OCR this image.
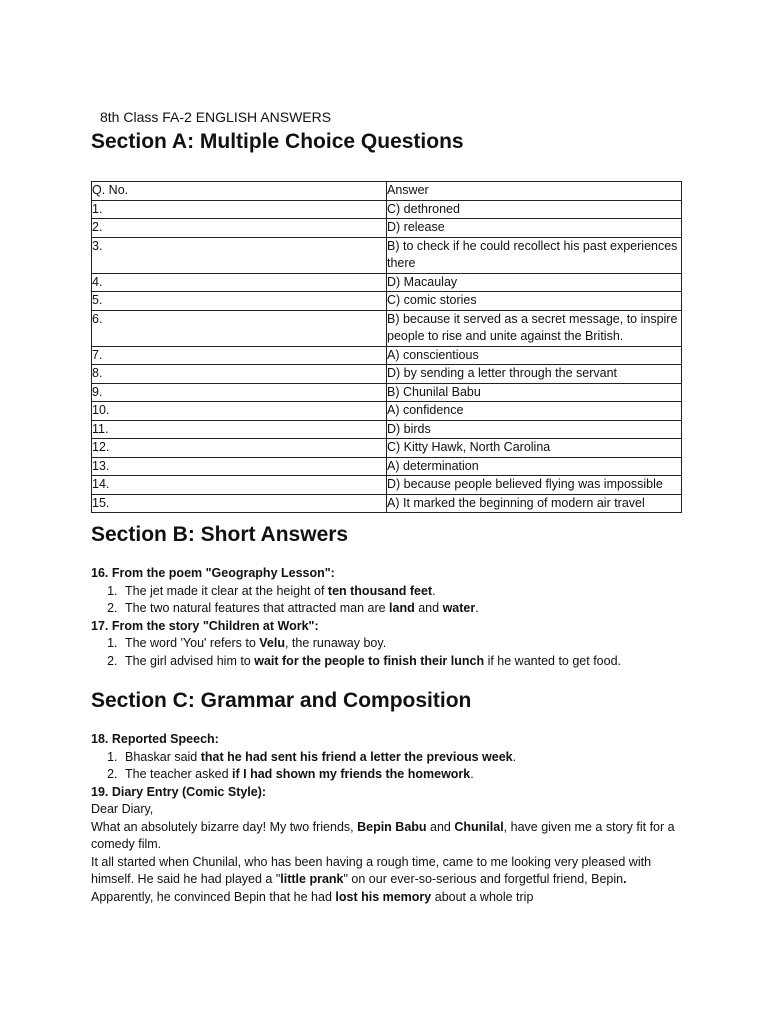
8th Class FA-2 ENGLISH ANSWERS
Section A: Multiple Choice Questions
Q. No.	Answer
1.	C) dethroned
2.	D) release
3.	B) to check if he could recollect his past experiences there
4.	D) Macaulay
5.	C) comic stories
6.	B) because it served as a secret message, to inspire people to rise and unite against the British.
7.	A) conscientious
8.	D) by sending a letter through the servant
9.	B) Chunilal Babu
10.	A) confidence
11.	D) birds
12.	C) Kitty Hawk, North Carolina
13.	A) determination
14.	D) because people believed flying was impossible
15.	A) It marked the beginning of modern air travel
Section B: Short Answers
16. From the poem "Geography Lesson":
1. The jet made it clear at the height of ten thousand feet.
2. The two natural features that attracted man are land and water.
17. From the story "Children at Work":
1. The word 'You' refers to Velu, the runaway boy.
2. The girl advised him to wait for the people to finish their lunch if he wanted to get food.
Section C: Grammar and Composition
18. Reported Speech:
1. Bhaskar said that he had sent his friend a letter the previous week.
2. The teacher asked if I had shown my friends the homework.
19. Diary Entry (Comic Style):

Dear Diary,

What an absolutely bizarre day! My two friends, Bepin Babu and Chunilal, have given me a story fit for a comedy film.

It all started when Chunilal, who has been having a rough time, came to me looking very pleased with himself. He said he had played a "little prank" on our ever-so-serious and forgetful friend, Bepin. Apparently, he convinced Bepin that he had lost his memory about a whole trip
